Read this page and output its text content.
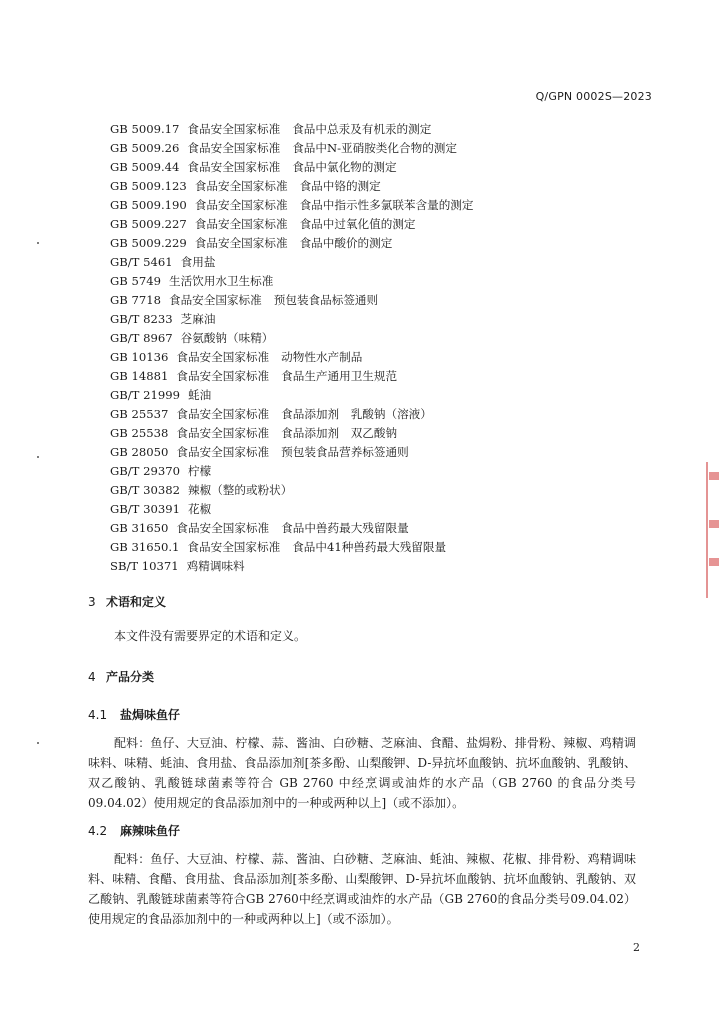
Q/GPN 0002S—2023
GB 5009.17 食品安全国家标准 食品中总汞及有机汞的测定
GB 5009.26 食品安全国家标准 食品中N-亚硝胺类化合物的测定
GB 5009.44 食品安全国家标准 食品中氯化物的测定
GB 5009.123 食品安全国家标准 食品中铬的测定
GB 5009.190 食品安全国家标准 食品中指示性多氯联苯含量的测定
GB 5009.227 食品安全国家标准 食品中过氧化值的测定
GB 5009.229 食品安全国家标准 食品中酸价的测定
GB/T 5461 食用盐
GB 5749 生活饮用水卫生标准
GB 7718 食品安全国家标准 预包装食品标签通则
GB/T 8233 芝麻油
GB/T 8967 谷氨酸钠（味精）
GB 10136 食品安全国家标准 动物性水产制品
GB 14881 食品安全国家标准 食品生产通用卫生规范
GB/T 21999 蚝油
GB 25537 食品安全国家标准 食品添加剂　乳酸钠（溶液）
GB 25538 食品安全国家标准 食品添加剂　双乙酸钠
GB 28050 食品安全国家标准 预包装食品营养标签通则
GB/T 29370 柠檬
GB/T 30382 辣椒（整的或粉状）
GB/T 30391 花椒
GB 31650 食品安全国家标准 食品中兽药最大残留限量
GB 31650.1 食品安全国家标准 食品中41种兽药最大残留限量
SB/T 10371 鸡精调味料
3 术语和定义
本文件没有需要界定的术语和定义。
4 产品分类
4.1 盐焗味鱼仔
配料：鱼仔、大豆油、柠檬、蒜、酱油、白砂糖、芝麻油、食醋、盐焗粉、排骨粉、辣椒、鸡精调味料、味精、蚝油、食用盐、食品添加剂[茶多酚、山梨酸钾、D-异抗坏血酸钠、抗坏血酸钠、乳酸钠、双乙酸钠、乳酸链球菌素等符合 GB 2760 中经烹调或油炸的水产品（GB 2760 的食品分类号 09.04.02）使用规定的食品添加剂中的一种或两种以上]（或不添加）。
4.2 麻辣味鱼仔
配料：鱼仔、大豆油、柠檬、蒜、酱油、白砂糖、芝麻油、蚝油、辣椒、花椒、排骨粉、鸡精调味料、味精、食醋、食用盐、食品添加剂[茶多酚、山梨酸钾、D-异抗坏血酸钠、抗坏血酸钠、乳酸钠、双乙酸钠、乳酸链球菌素等符合GB 2760中经烹调或油炸的水产品（GB 2760的食品分类号09.04.02）使用规定的食品添加剂中的一种或两种以上]（或不添加）。
2
